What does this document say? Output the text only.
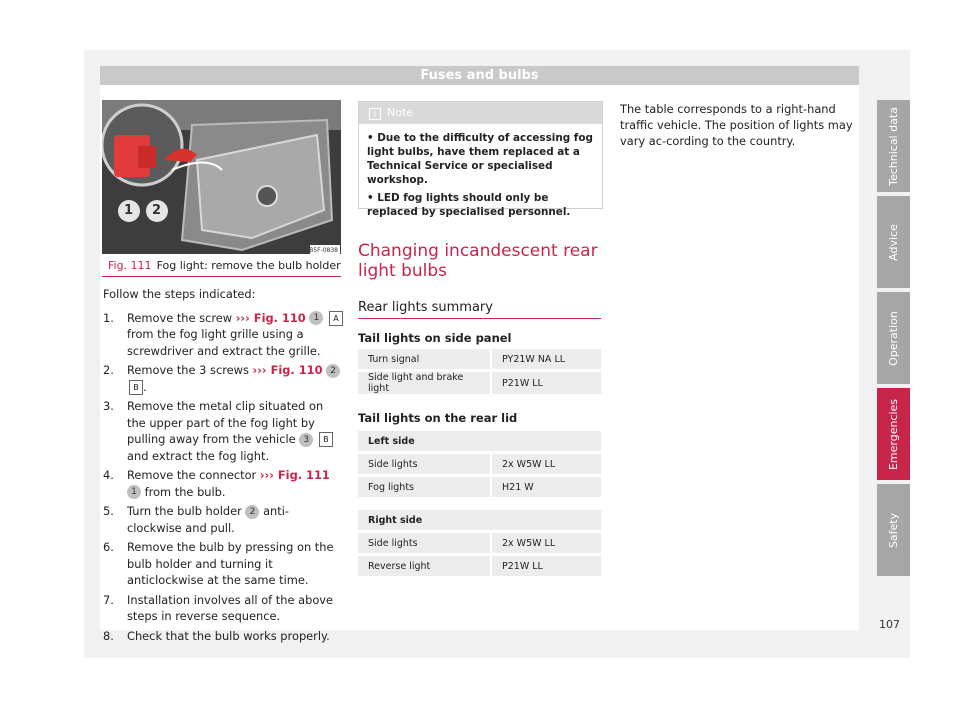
Fuses and bulbs
1 2
B5F-0838
Fig. 111 Fog light: remove the bulb holder

Follow the steps indicated:

1.	Remove the screw ››› Fig. 110 1 A from the fog light grille using a screwdriver and extract the grille.
2.	Remove the 3 screws ››› Fig. 110 2 B .
3.	Remove the metal clip situated on the upper part of the fog light by pulling away from the vehicle 3 B and extract the fog light.
4.	Remove the connector ››› Fig. 111 1 from the bulb.
5.	Turn the bulb holder 2 anti-clockwise and pull.
6.	Remove the bulb by pressing on the bulb holder and turning it anticlockwise at the same time.
7.	Installation involves all of the above steps in reverse sequence.
8.	Check that the bulb works properly.
i Note
• Due to the difficulty of accessing fog light bulbs, have them replaced at a Technical Service or specialised workshop.
• LED fog lights should only be replaced by specialised personnel.
Changing incandescent rear light bulbs
Rear lights summary
Tail lights on side panel
Turn signal	PY21W NA LL
Side light and brake light	P21W LL
Tail lights on the rear lid
Left side	
Side lights	2x W5W LL
Fog lights	H21 W
Right side	
Side lights	2x W5W LL
Reverse light	P21W LL
The table corresponds to a right-hand traffic vehicle. The position of lights may vary ac-cording to the country.	Technical data
Advice
Operation
Emergencies
Safety
107
